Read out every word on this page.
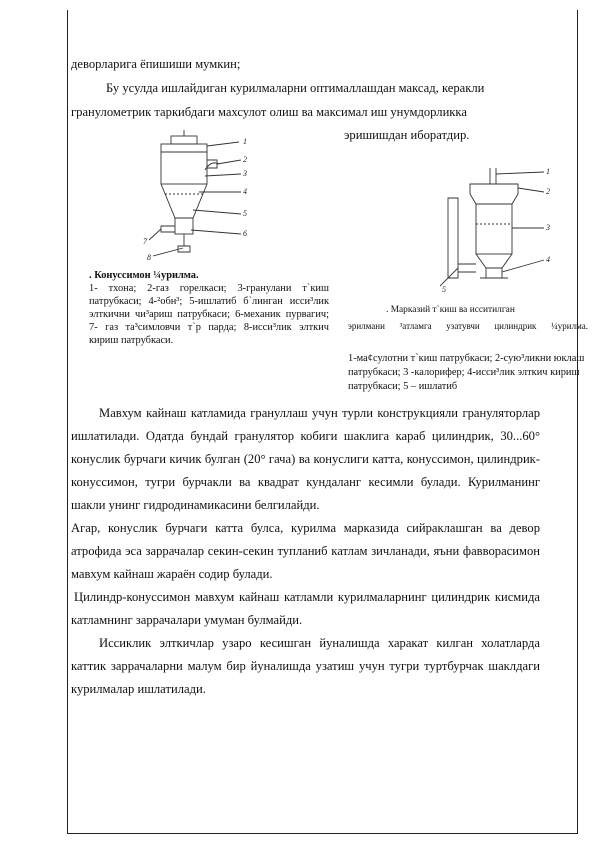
деворларига ёпишиши мумкин;
Бу усулда ишлайдиган курилмаларни оптималлашдан максад, керакли
гранулометрик таркибдаги махсулот олиш ва максимал иш унумдорликка
эришишдан иборатдир.
1
2
3
4
5
6
7
8
. Конуссимон ¼урилма.
1- тхона; 2-газ горелкаси; 3-гранулани т`киш патрубкаси; 4-²обн³; 5-ишлатиб б`линган исси³лик элткични чи³ариш патрубкаси; 6-механик пурвагич; 7- газ та³симловчи т`р парда; 8-исси³лик элткич кириш патрубкаси.
1
2
3
4
5
. Марказий т`киш ва исситилган
эрилмани ³атламга узатувчи цилиндрик ¼урилма.
1-ма¢сулотни т`киш патрубкаси; 2-сую³ликни юклаш патрубкаси; 3 -калорифер; 4-исси³лик элткич кириш патрубкаси; 5 – ишлатиб

Мавхум кайнаш катламида грануллаш учун турли конструкцияли грануляторлар ишлатилади. Одатда бундай гранулятор кобиги шаклига караб цилиндрик, 30...60° конуслик бурчаги кичик булган (20° гача) ва конуслиги катта, конуссимон, цилиндрик-конуссимон, тугри бурчакли ва квадрат кундаланг кесимли булади. Курилманинг шакли унинг гидродинамикасини белгилайди.

Агар, конуслик бурчаги катта булса, курилма марказида сийраклашган ва девор атрофида эса заррачалар секин-секин тупланиб катлам зичланади, яъни фавворасимон мавхум кайнаш жараён содир булади.

Цилиндр-конуссимон мавхум кайнаш катламли курилмаларнинг цилиндрик кисмида катламнинг заррачалари умуман булмайди.

Иссиклик элткичлар узаро кесишган йуналишда харакат килган холатларда каттик заррачаларни малум бир йуналишда узатиш учун тугри туртбурчак шаклдаги курилмалар ишлатилади.
